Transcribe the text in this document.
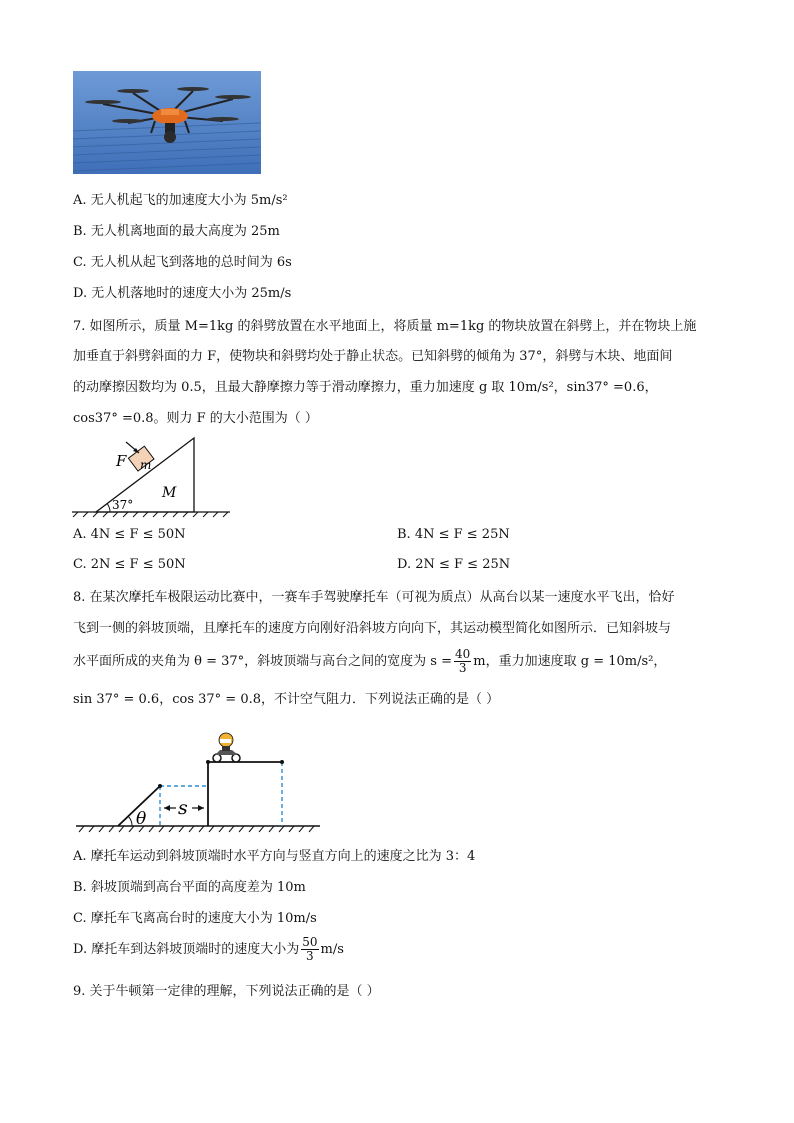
A. 无人机起飞的加速度大小为 5m/s²
B. 无人机离地面的最大高度为 25m
C. 无人机从起飞到落地的总时间为 6s
D. 无人机落地时的速度大小为 25m/s
7. 如图所示，质量 M=1kg 的斜劈放置在水平地面上，将质量 m=1kg 的物块放置在斜劈上，并在物块上施
加垂直于斜劈斜面的力 F，使物块和斜劈均处于静止状态。已知斜劈的倾角为 37°，斜劈与木块、地面间
的动摩擦因数均为 0.5，且最大静摩擦力等于滑动摩擦力，重力加速度 g 取 10m/s²，sin37° =0.6，
cos37° =0.8。则力 F 的大小范围为（ ）
F m
M
37°
A. 4N ≤ F ≤ 50N	B. 4N ≤ F ≤ 25N
C. 2N ≤ F ≤ 50N	D. 2N ≤ F ≤ 25N
8. 在某次摩托车极限运动比赛中，一赛车手驾驶摩托车（可视为质点）从高台以某一速度水平飞出，恰好
飞到一侧的斜坡顶端，且摩托车的速度方向刚好沿斜坡方向向下，其运动模型简化如图所示．已知斜坡与
水平面所成的夹角为 θ = 37°，斜坡顶端与高台之间的宽度为 $s = \frac{40}{3}$ m，重力加速度取 g = 10m/s²，
sin 37° = 0.6，cos 37° = 0.8，不计空气阻力．下列说法正确的是（ ）
θ s
A. 摩托车运动到斜坡顶端时水平方向与竖直方向上的速度之比为 3：4
B. 斜坡顶端到高台平面的高度差为 10m
C. 摩托车飞离高台时的速度大小为 10m/s
D. 摩托车到达斜坡顶端时的速度大小为 $\frac{50}{3} m/s$
9. 关于牛顿第一定律的理解，下列说法正确的是（ ）
